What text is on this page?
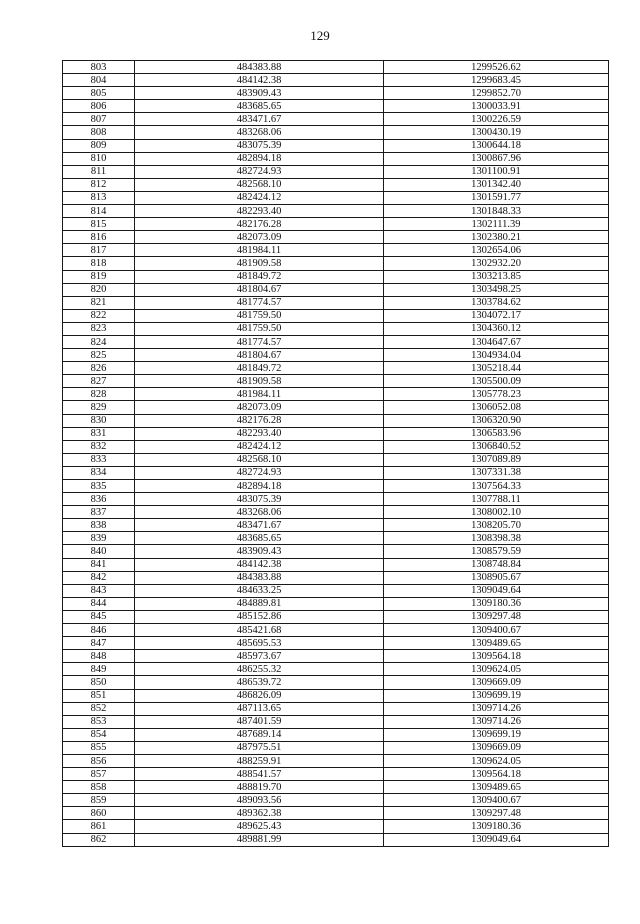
129
803	484383.88	1299526.62
804	484142.38	1299683.45
805	483909.43	1299852.70
806	483685.65	1300033.91
807	483471.67	1300226.59
808	483268.06	1300430.19
809	483075.39	1300644.18
810	482894.18	1300867.96
811	482724.93	1301100.91
812	482568.10	1301342.40
813	482424.12	1301591.77
814	482293.40	1301848.33
815	482176.28	1302111.39
816	482073.09	1302380.21
817	481984.11	1302654.06
818	481909.58	1302932.20
819	481849.72	1303213.85
820	481804.67	1303498.25
821	481774.57	1303784.62
822	481759.50	1304072.17
823	481759.50	1304360.12
824	481774.57	1304647.67
825	481804.67	1304934.04
826	481849.72	1305218.44
827	481909.58	1305500.09
828	481984.11	1305778.23
829	482073.09	1306052.08
830	482176.28	1306320.90
831	482293.40	1306583.96
832	482424.12	1306840.52
833	482568.10	1307089.89
834	482724.93	1307331.38
835	482894.18	1307564.33
836	483075.39	1307788.11
837	483268.06	1308002.10
838	483471.67	1308205.70
839	483685.65	1308398.38
840	483909.43	1308579.59
841	484142.38	1308748.84
842	484383.88	1308905.67
843	484633.25	1309049.64
844	484889.81	1309180.36
845	485152.86	1309297.48
846	485421.68	1309400.67
847	485695.53	1309489.65
848	485973.67	1309564.18
849	486255.32	1309624.05
850	486539.72	1309669.09
851	486826.09	1309699.19
852	487113.65	1309714.26
853	487401.59	1309714.26
854	487689.14	1309699.19
855	487975.51	1309669.09
856	488259.91	1309624.05
857	488541.57	1309564.18
858	488819.70	1309489.65
859	489093.56	1309400.67
860	489362.38	1309297.48
861	489625.43	1309180.36
862	489881.99	1309049.64
